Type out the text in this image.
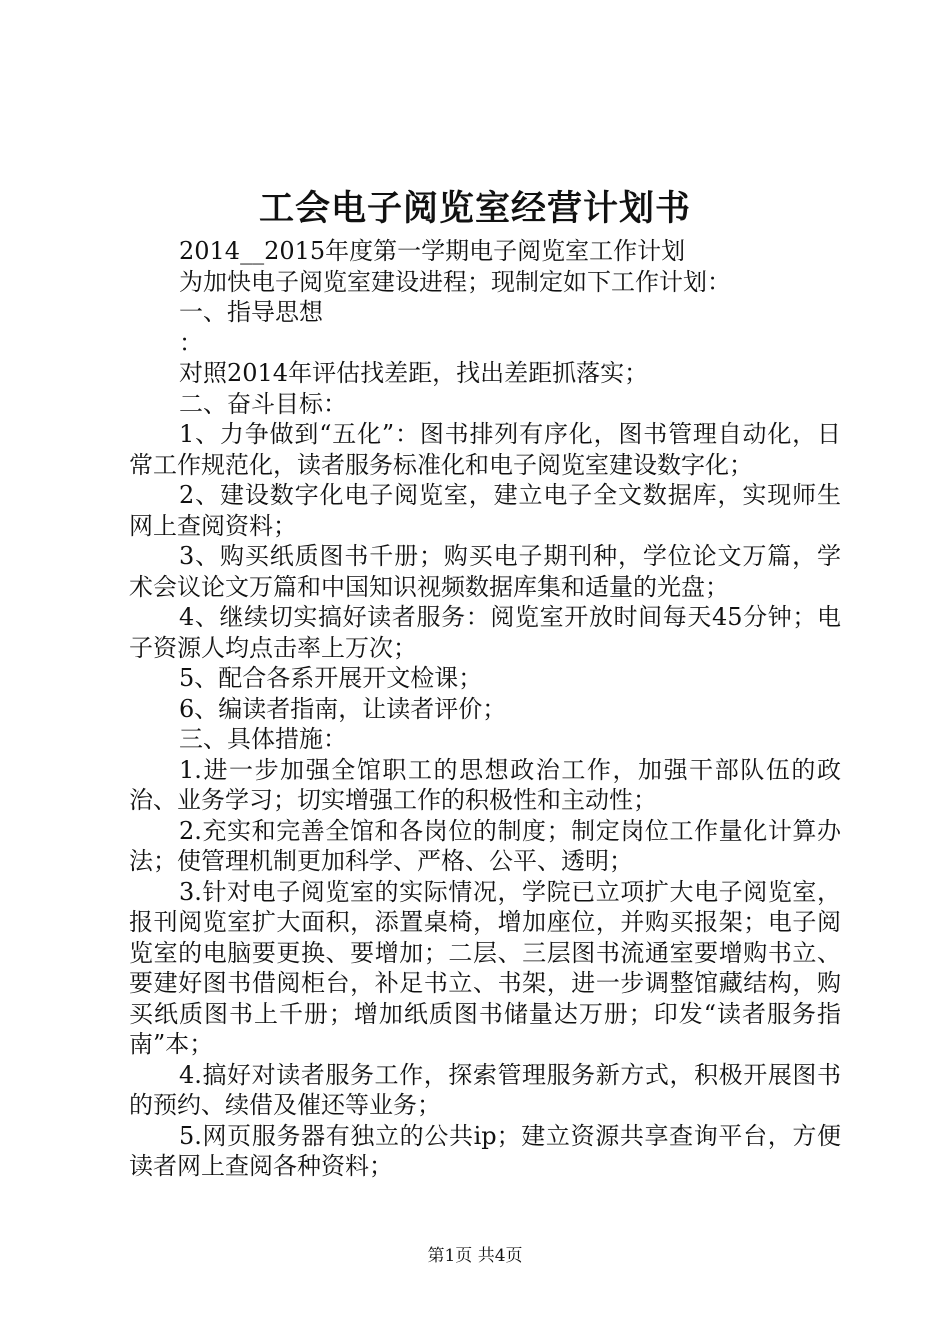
工会电子阅览室经营计划书
2014__2015年度第一学期电子阅览室工作计划
为加快电子阅览室建设进程；现制定如下工作计划：
一、指导思想
：
对照2014年评估找差距，找出差距抓落实；
二、奋斗目标：
1、力争做到“五化”：图书排列有序化，图书管理自动化，日常工作规范化，读者服务标准化和电子阅览室建设数字化；
2、建设数字化电子阅览室，建立电子全文数据库，实现师生网上查阅资料；
3、购买纸质图书千册；购买电子期刊种，学位论文万篇，学术会议论文万篇和中国知识视频数据库集和适量的光盘；
4、继续切实搞好读者服务：阅览室开放时间每天45分钟；电子资源人均点击率上万次；
5、配合各系开展开文检课；
6、编读者指南，让读者评价；
三、具体措施：
1.进一步加强全馆职工的思想政治工作，加强干部队伍的政治、业务学习；切实增强工作的积极性和主动性；
2.充实和完善全馆和各岗位的制度；制定岗位工作量化计算办法；使管理机制更加科学、严格、公平、透明；
3.针对电子阅览室的实际情况，学院已立项扩大电子阅览室，报刊阅览室扩大面积，添置桌椅，增加座位，并购买报架；电子阅览室的电脑要更换、要增加；二层、三层图书流通室要增购书立、要建好图书借阅柜台，补足书立、书架，进一步调整馆藏结构，购买纸质图书上千册；增加纸质图书储量达万册；印发“读者服务指南”本；
4.搞好对读者服务工作，探索管理服务新方式，积极开展图书的预约、续借及催还等业务；
5.网页服务器有独立的公共ip；建立资源共享查询平台，方便读者网上查阅各种资料；
第1页 共4页
